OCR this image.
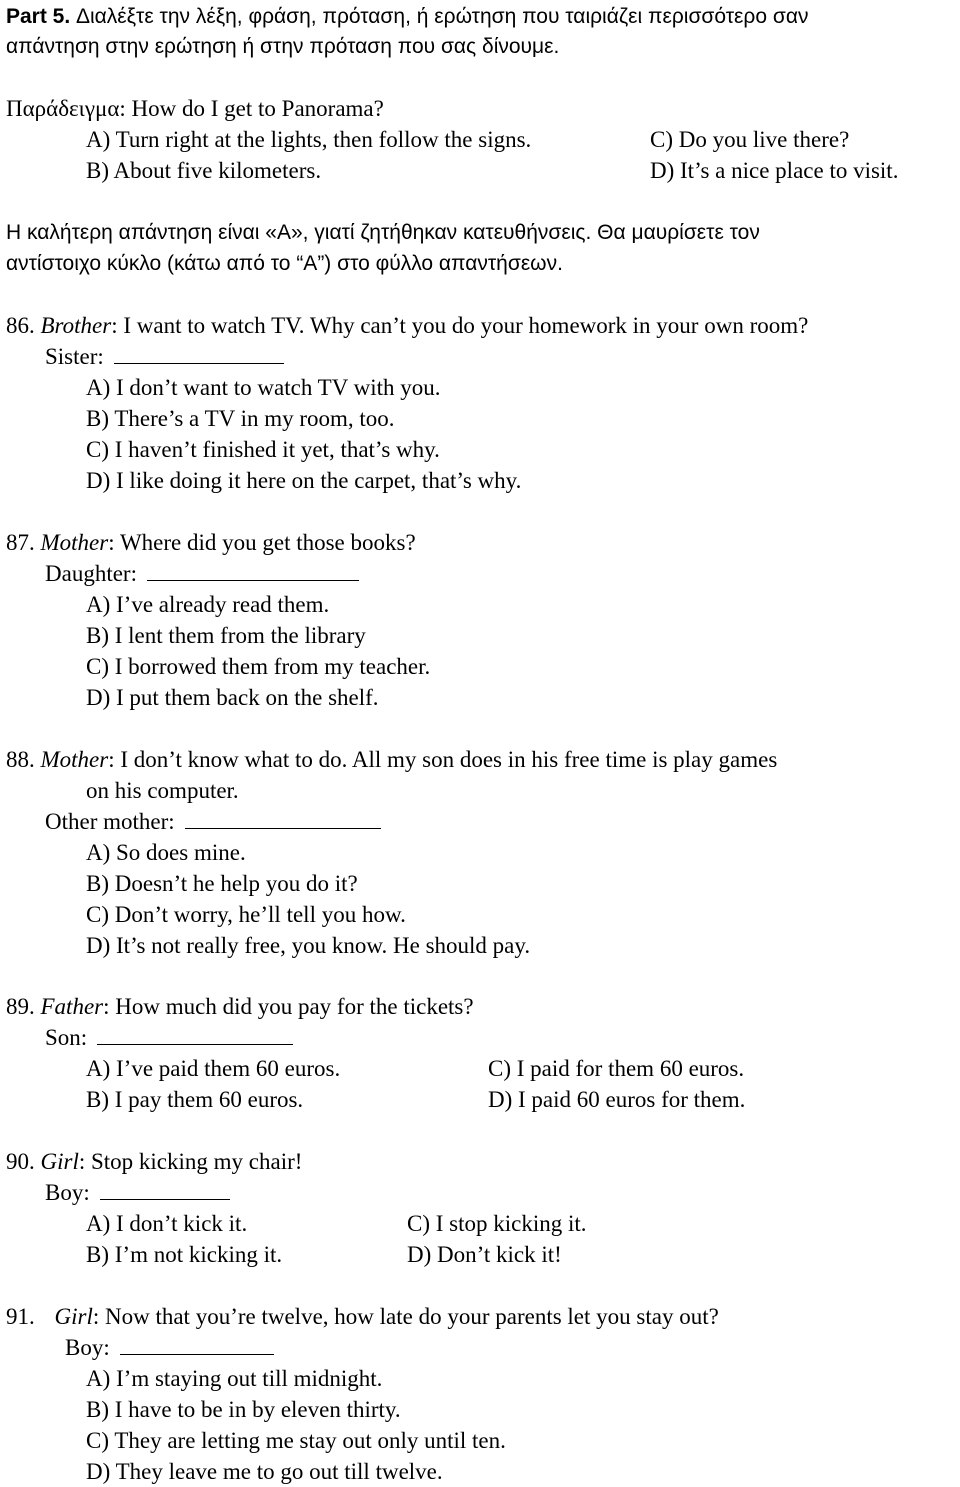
Part 5. Διαλέξτε την λέξη, φράση, πρόταση, ή ερώτηση που ταιριάζει περισσότερο σαν
απάντηση στην ερώτηση ή στην πρόταση που σας δίνουμε.
Παράδειγμα: How do I get to Panorama?
A) Turn right at the lights, then follow the signs.	C) Do you live there?
B) About five kilometers.	D) It’s a nice place to visit.
Η καλήτερη απάντηση είναι «A», γιατί ζητήθηκαν κατευθήνσεις. Θα μαυρίσετε τον
αντίστοιχο κύκλο (κάτω από το “A”) στο φύλλο απαντήσεων.
86. Brother: I want to watch TV. Why can’t you do your homework in your own room?
Sister:
A) I don’t want to watch TV with you.
B) There’s a TV in my room, too.
C) I haven’t finished it yet, that’s why.
D) I like doing it here on the carpet, that’s why.
87. Mother: Where did you get those books?
Daughter:
A) I’ve already read them.
B) I lent them from the library
C) I borrowed them from my teacher.
D) I put them back on the shelf.
88. Mother: I don’t know what to do. All my son does in his free time is play games
on his computer.
Other mother:
A) So does mine.
B) Doesn’t he help you do it?
C) Don’t worry, he’ll tell you how.
D) It’s not really free, you know. He should pay.
89. Father: How much did you pay for the tickets?
Son:
A) I’ve paid them 60 euros.	C) I paid for them 60 euros.
B) I pay them 60 euros.	D) I paid 60 euros for them.
90. Girl: Stop kicking my chair!
Boy:
A) I don’t kick it.	C) I stop kicking it.
B) I’m not kicking it.	D) Don’t kick it!
91. Girl: Now that you’re twelve, how late do your parents let you stay out?
Boy:
A) I’m staying out till midnight.
B) I have to be in by eleven thirty.
C) They are letting me stay out only until ten.
D) They leave me to go out till twelve.
